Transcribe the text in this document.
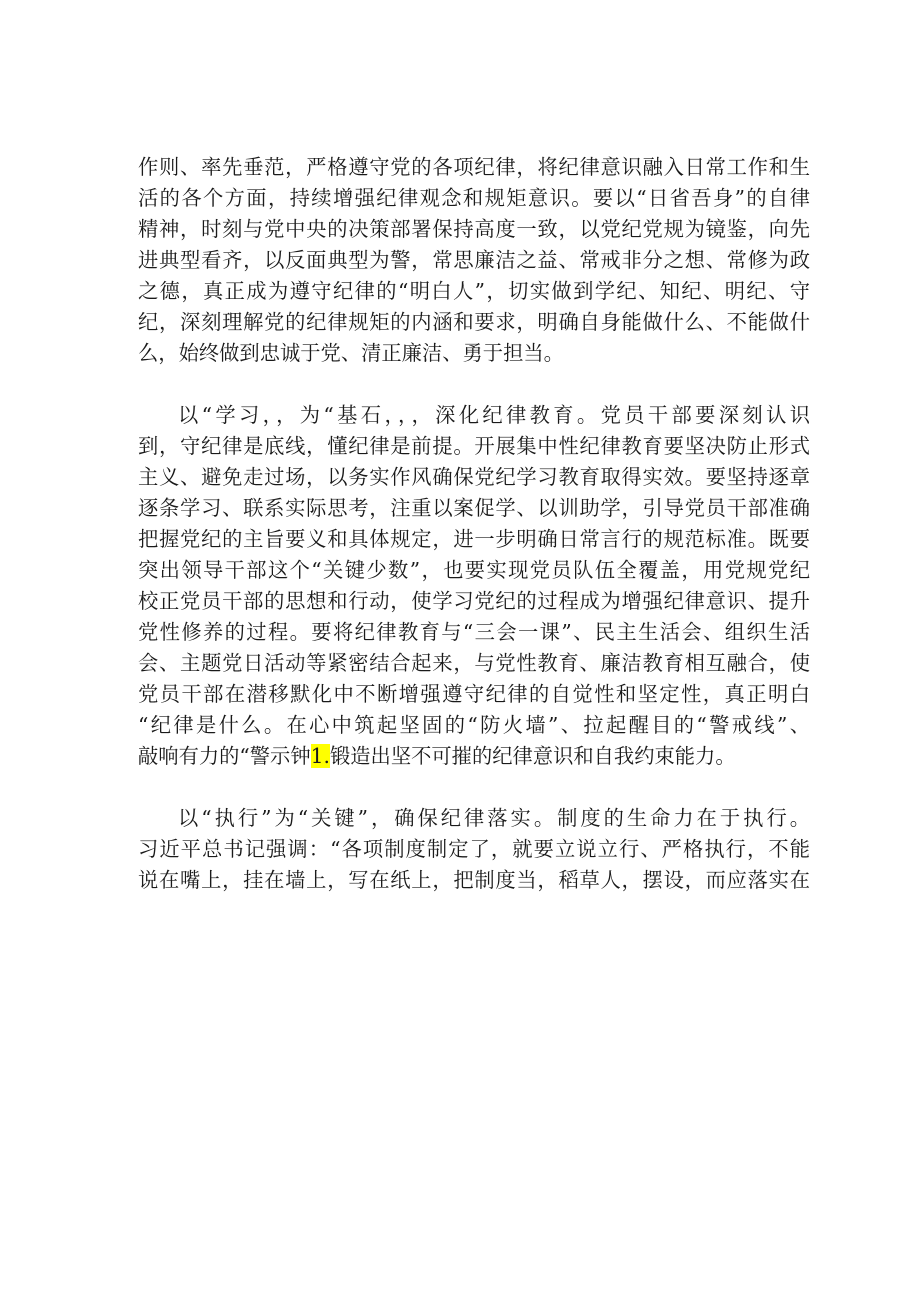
作则、率先垂范，严格遵守党的各项纪律，将纪律意识融入日常工作和生
活的各个方面，持续增强纪律观念和规矩意识。要以“日省吾身”的自律
精神，时刻与党中央的决策部署保持高度一致，以党纪党规为镜鉴，向先
进典型看齐，以反面典型为警，常思廉洁之益、常戒非分之想、常修为政
之德，真正成为遵守纪律的“明白人”，切实做到学纪、知纪、明纪、守
纪，深刻理解党的纪律规矩的内涵和要求，明确自身能做什么、不能做什
么，始终做到忠诚于党、清正廉洁、勇于担当。
以“学习，，为“基石，，，深化纪律教育。党员干部要深刻认识
到，守纪律是底线，懂纪律是前提。开展集中性纪律教育要坚决防止形式
主义、避免走过场，以务实作风确保党纪学习教育取得实效。要坚持逐章
逐条学习、联系实际思考，注重以案促学、以训助学，引导党员干部准确
把握党纪的主旨要义和具体规定，进一步明确日常言行的规范标准。既要
突出领导干部这个“关键少数”，也要实现党员队伍全覆盖，用党规党纪
校正党员干部的思想和行动，使学习党纪的过程成为增强纪律意识、提升
党性修养的过程。要将纪律教育与“三会一课”、民主生活会、组织生活
会、主题党日活动等紧密结合起来，与党性教育、廉洁教育相互融合，使
党员干部在潜移默化中不断增强遵守纪律的自觉性和坚定性，真正明白
“纪律是什么。在心中筑起坚固的“防火墙”、拉起醒目的“警戒线”、
敲响有力的“警示钟1.锻造出坚不可摧的纪律意识和自我约束能力。
以“执行”为“关键”，确保纪律落实。制度的生命力在于执行。
习近平总书记强调：“各项制度制定了，就要立说立行、严格执行，不能
说在嘴上，挂在墙上，写在纸上，把制度当，稻草人，摆设，而应落实在
